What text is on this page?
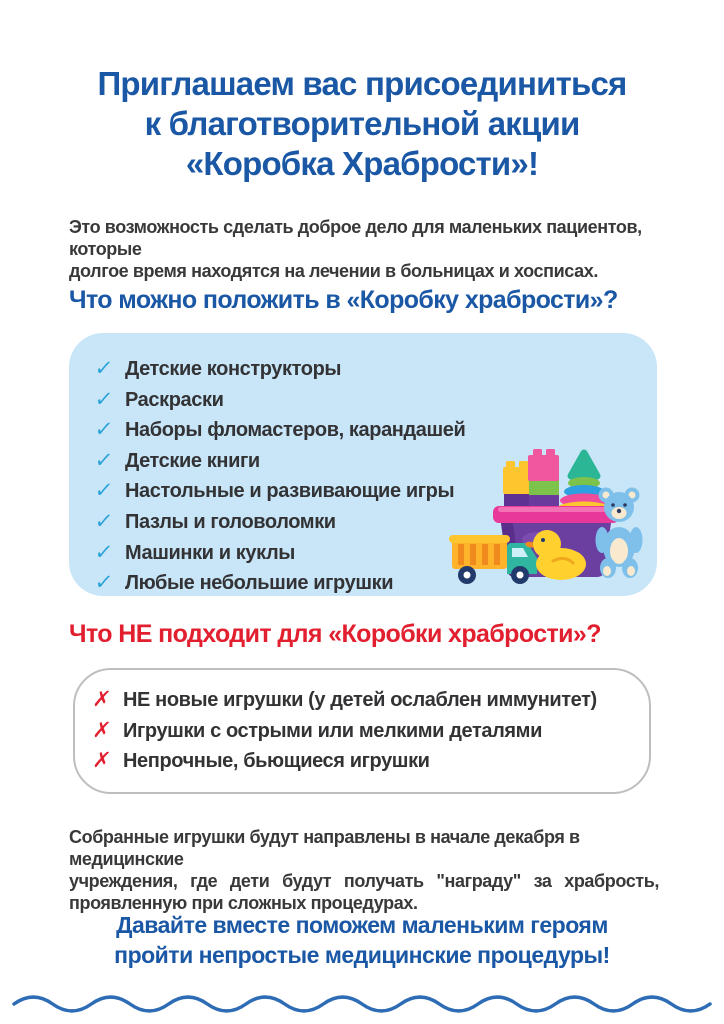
Приглашаем вас присоединиться
к благотворительной акции
«Коробка Храбрости»!

Это возможность сделать доброе дело для маленьких пациентов, которые
долгое время находятся на лечении в больницах и хосписах.

Что можно положить в «Коробку храбрости»?
✓ Детские конструкторы
✓ Раскраски
✓ Наборы фломастеров, карандашей
✓ Детские книги
✓ Настольные и развивающие игры
✓ Пазлы и головоломки
✓ Машинки и куклы
✓ Любые небольшие игрушки
Что НЕ подходит для «Коробки храбрости»?
✗ НЕ новые игрушки (у детей ослаблен иммунитет)
✗ Игрушки с острыми или мелкими деталями
✗ Непрочные, бьющиеся игрушки

Собранные игрушки будут направлены в начале декабря в медицинские
учреждения, где дети будут получать "награду" за храбрость,
проявленную при сложных процедурах.

Давайте вместе поможем маленьким героям
пройти непростые медицинские процедуры!
